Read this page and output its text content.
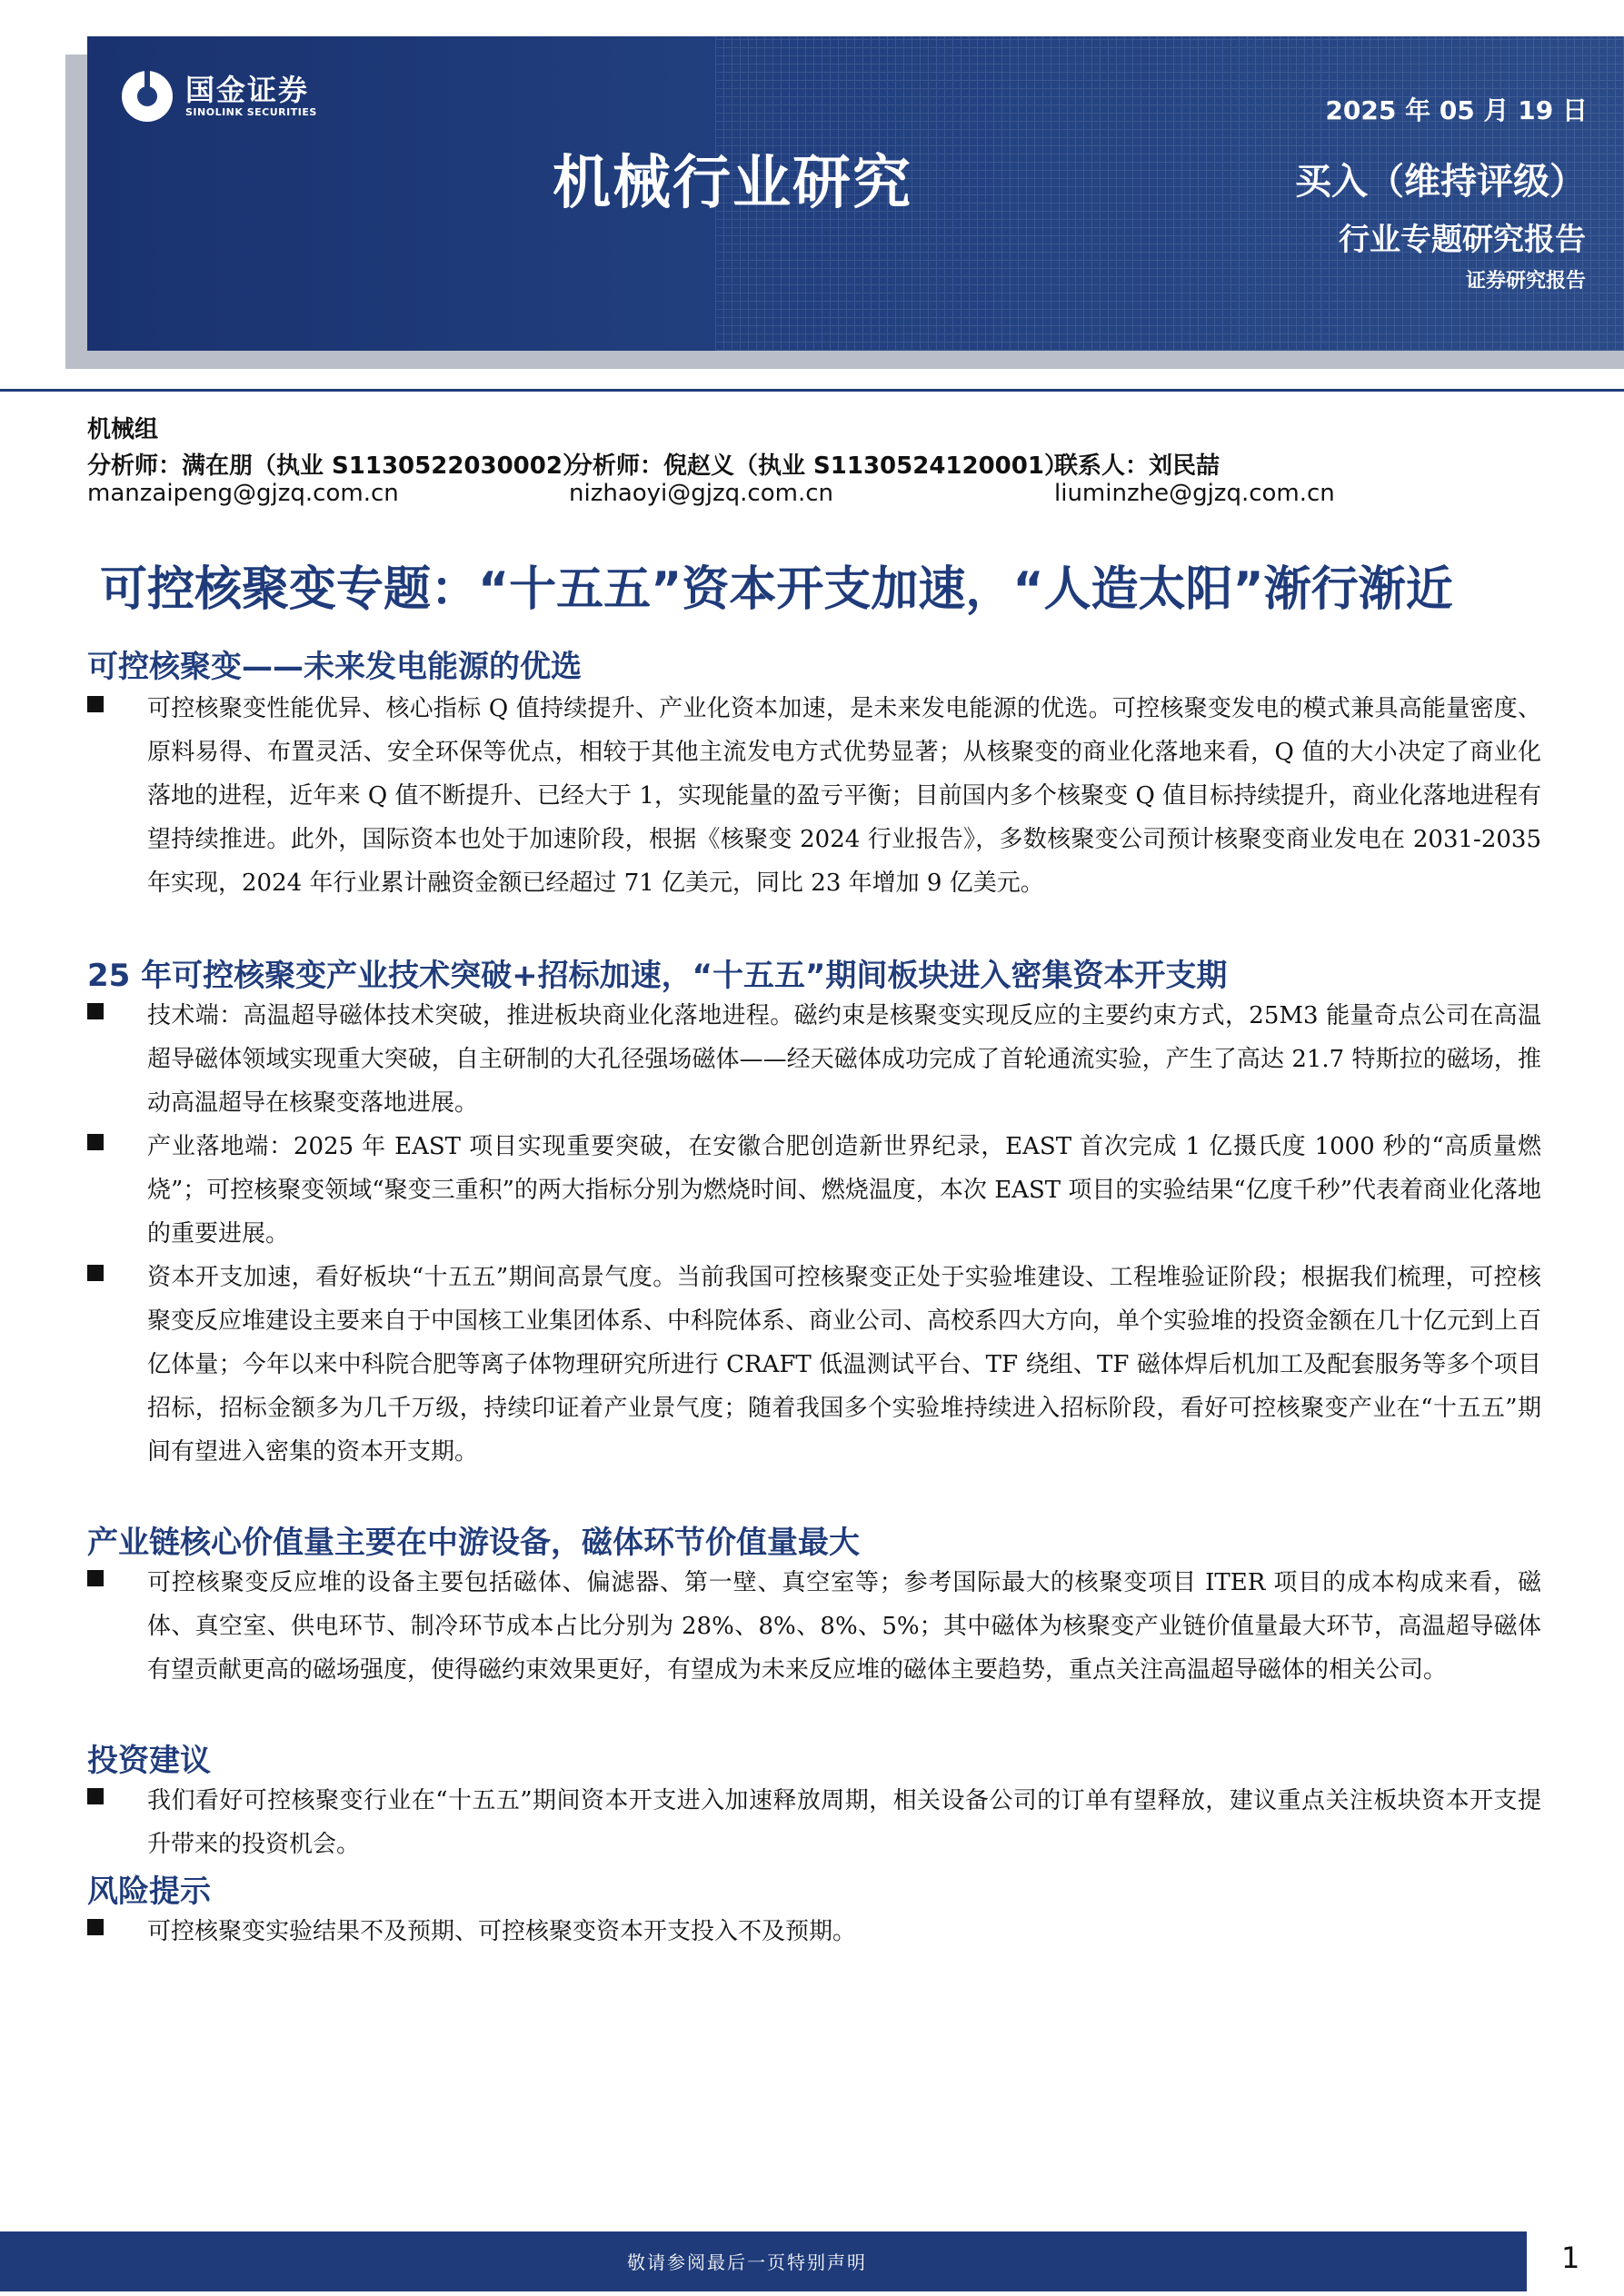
国金证券
SINOLINK SECURITIES	2025 年 05 月 19 日
机械行业研究	买入（维持评级）
行业专题研究报告
证券研究报告
机械组
分析师：满在朋（执业 S1130522030002）
分析师：倪赵义（执业 S1130524120001）
联系人：刘民喆
manzaipeng@gjzq.com.cn	nizhaoyi@gjzq.com.cn	liuminzhe@gjzq.com.cn
可控核聚变专题：“十五五”资本开支加速，“人造太阳”渐行渐近
可控核聚变——未来发电能源的优选
可控核聚变性能优异、核心指标 Q 值持续提升、产业化资本加速，是未来发电能源的优选。可控核聚变发电的模式兼具高能量密度、原料易得、布置灵活、安全环保等优点，相较于其他主流发电方式优势显著；从核聚变的商业化落地来看，Q 值的大小决定了商业化落地的进程，近年来 Q 值不断提升、已经大于 1，实现能量的盈亏平衡；目前国内多个核聚变 Q 值目标持续提升，商业化落地进程有望持续推进。此外，国际资本也处于加速阶段，根据《核聚变 2024 行业报告》，多数核聚变公司预计核聚变商业发电在 2031-2035 年实现，2024 年行业累计融资金额已经超过 71 亿美元，同比 23 年增加 9 亿美元。
25 年可控核聚变产业技术突破+招标加速，“十五五”期间板块进入密集资本开支期
技术端：高温超导磁体技术突破，推进板块商业化落地进程。磁约束是核聚变实现反应的主要约束方式，25M3 能量奇点公司在高温超导磁体领域实现重大突破，自主研制的大孔径强场磁体——经天磁体成功完成了首轮通流实验，产生了高达 21.7 特斯拉的磁场，推动高温超导在核聚变落地进展。
产业落地端：2025 年 EAST 项目实现重要突破，在安徽合肥创造新世界纪录，EAST 首次完成 1 亿摄氏度 1000 秒的“高质量燃烧”；可控核聚变领域“聚变三重积”的两大指标分别为燃烧时间、燃烧温度，本次 EAST 项目的实验结果“亿度千秒”代表着商业化落地的重要进展。
资本开支加速，看好板块“十五五”期间高景气度。当前我国可控核聚变正处于实验堆建设、工程堆验证阶段；根据我们梳理，可控核聚变反应堆建设主要来自于中国核工业集团体系、中科院体系、商业公司、高校系四大方向，单个实验堆的投资金额在几十亿元到上百亿体量；今年以来中科院合肥等离子体物理研究所进行 CRAFT 低温测试平台、TF 绕组、TF 磁体焊后机加工及配套服务等多个项目招标，招标金额多为几千万级，持续印证着产业景气度；随着我国多个实验堆持续进入招标阶段，看好可控核聚变产业在“十五五”期间有望进入密集的资本开支期。
产业链核心价值量主要在中游设备，磁体环节价值量最大
可控核聚变反应堆的设备主要包括磁体、偏滤器、第一壁、真空室等；参考国际最大的核聚变项目 ITER 项目的成本构成来看，磁体、真空室、供电环节、制冷环节成本占比分别为 28%、8%、8%、5%；其中磁体为核聚变产业链价值量最大环节，高温超导磁体有望贡献更高的磁场强度，使得磁约束效果更好，有望成为未来反应堆的磁体主要趋势，重点关注高温超导磁体的相关公司。
投资建议
我们看好可控核聚变行业在“十五五”期间资本开支进入加速释放周期，相关设备公司的订单有望释放，建议重点关注板块资本开支提升带来的投资机会。
风险提示
可控核聚变实验结果不及预期、可控核聚变资本开支投入不及预期。
敬请参阅最后一页特别声明	1
